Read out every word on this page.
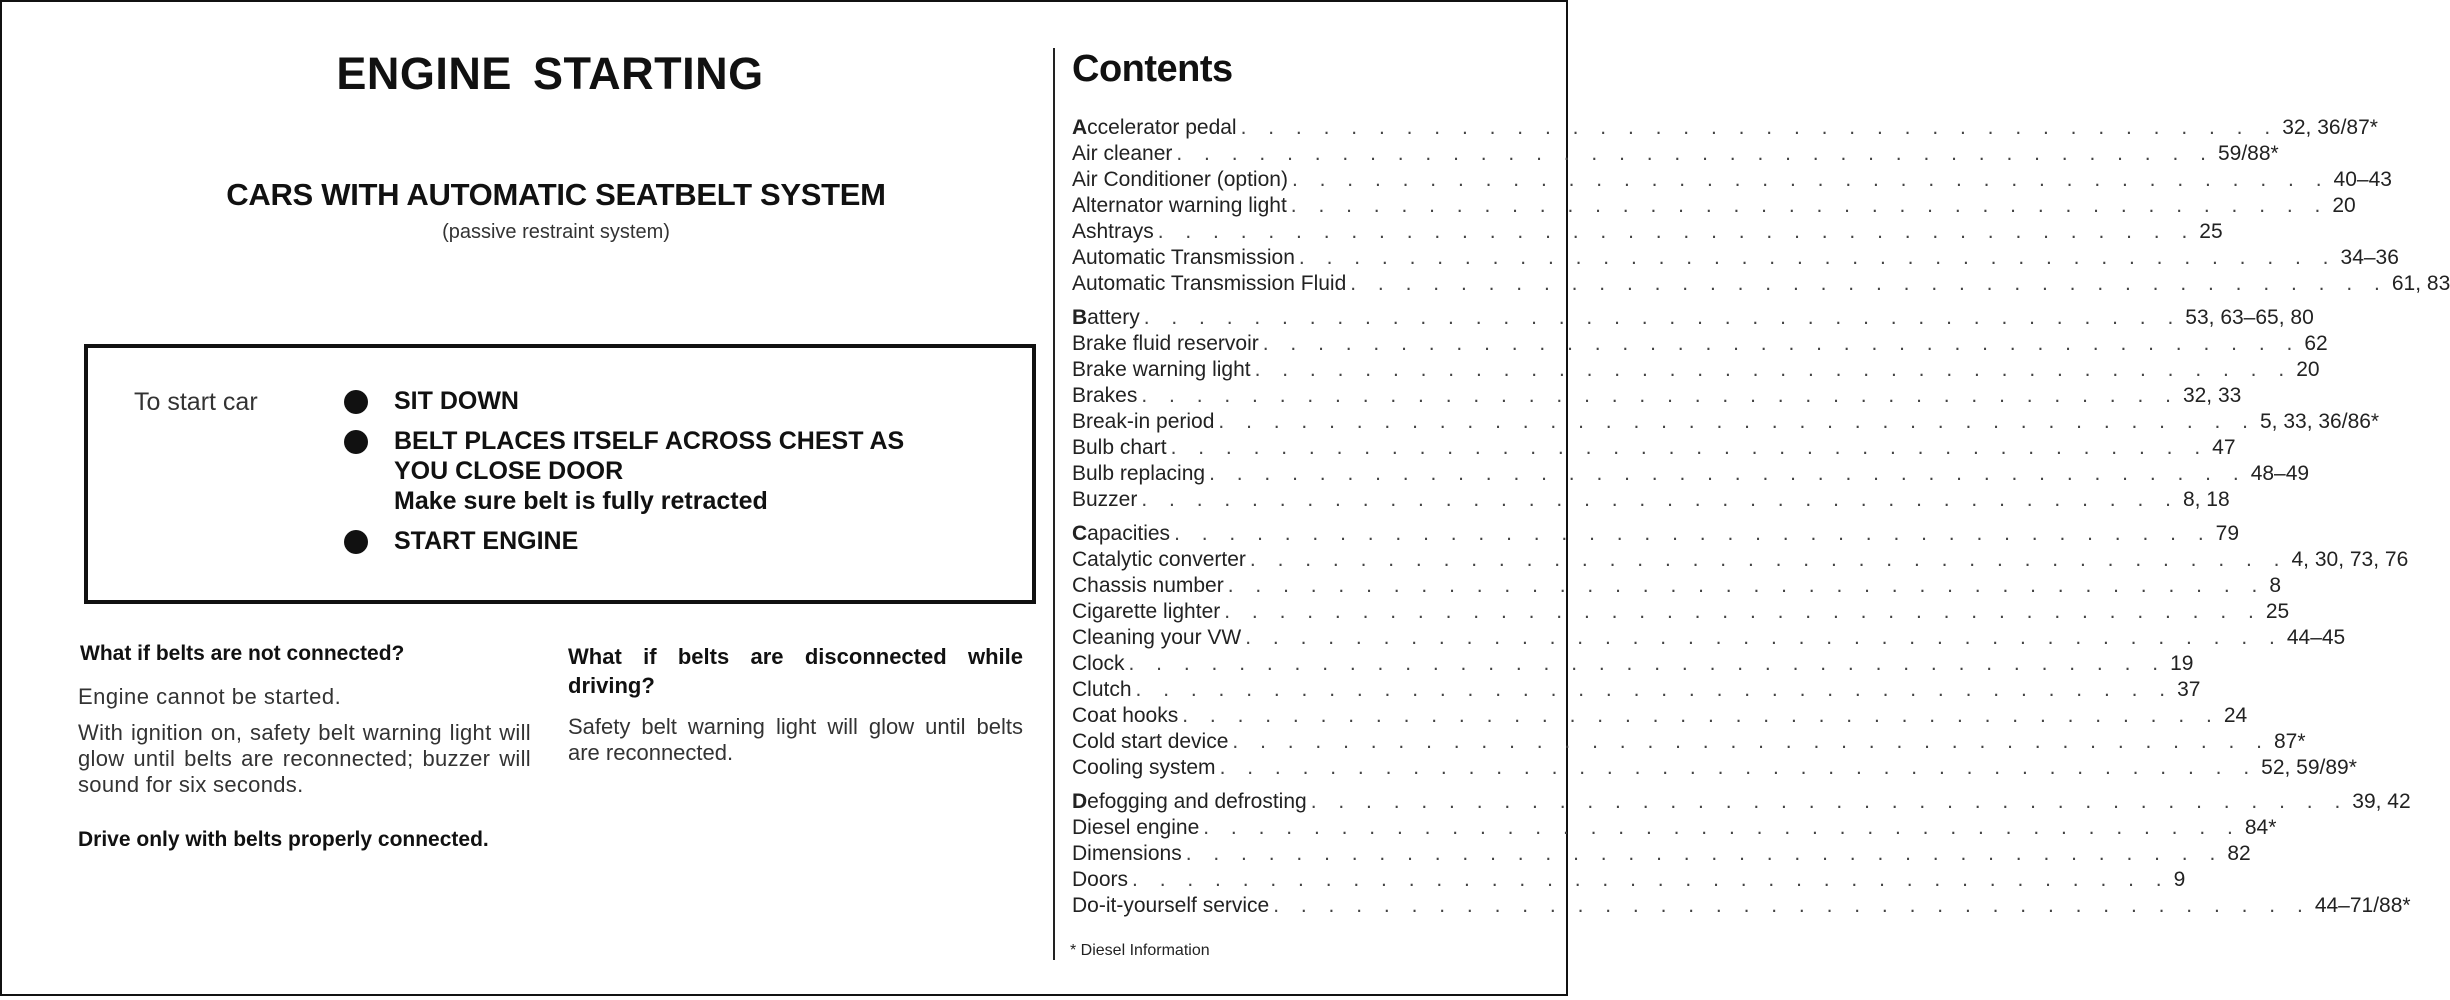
ENGINE STARTING
CARS WITH AUTOMATIC SEATBELT SYSTEM
(passive restraint system)
To start car	SIT DOWN
BELT PLACES ITSELF ACROSS CHEST AS
YOU CLOSE DOOR
Make sure belt is fully retracted
START ENGINE
What if belts are not connected?
Engine cannot be started.
With ignition on, safety belt warning light will glow until belts are reconnected; buzzer will sound for six seconds.
Drive only with belts properly connected.
What if belts are disconnected while driving?
Safety belt warning light will glow until belts are reconnected.
Contents
Accelerator pedal . . . . . . . . . . . . . . . . . . . . . . . . . . . . . . . . . . . . . . 32, 36/87*
Air cleaner . . . . . . . . . . . . . . . . . . . . . . . . . . . . . . . . . . . . . . 59/88*
Air Conditioner (option) . . . . . . . . . . . . . . . . . . . . . . . . . . . . . . . . . . . . . . 40–43
Alternator warning light . . . . . . . . . . . . . . . . . . . . . . . . . . . . . . . . . . . . . . 20
Ashtrays . . . . . . . . . . . . . . . . . . . . . . . . . . . . . . . . . . . . . . 25
Automatic Transmission . . . . . . . . . . . . . . . . . . . . . . . . . . . . . . . . . . . . . . 34–36
Automatic Transmission Fluid . . . . . . . . . . . . . . . . . . . . . . . . . . . . . . . . . . . . . . 61, 83
Battery . . . . . . . . . . . . . . . . . . . . . . . . . . . . . . . . . . . . . . 53, 63–65, 80
Brake fluid reservoir . . . . . . . . . . . . . . . . . . . . . . . . . . . . . . . . . . . . . . 62
Brake warning light . . . . . . . . . . . . . . . . . . . . . . . . . . . . . . . . . . . . . . 20
Brakes . . . . . . . . . . . . . . . . . . . . . . . . . . . . . . . . . . . . . . 32, 33
Break-in period . . . . . . . . . . . . . . . . . . . . . . . . . . . . . . . . . . . . . . 5, 33, 36/86*
Bulb chart . . . . . . . . . . . . . . . . . . . . . . . . . . . . . . . . . . . . . . 47
Bulb replacing . . . . . . . . . . . . . . . . . . . . . . . . . . . . . . . . . . . . . . 48–49
Buzzer . . . . . . . . . . . . . . . . . . . . . . . . . . . . . . . . . . . . . . 8, 18
Capacities . . . . . . . . . . . . . . . . . . . . . . . . . . . . . . . . . . . . . . 79
Catalytic converter . . . . . . . . . . . . . . . . . . . . . . . . . . . . . . . . . . . . . . 4, 30, 73, 76
Chassis number . . . . . . . . . . . . . . . . . . . . . . . . . . . . . . . . . . . . . . 8
Cigarette lighter . . . . . . . . . . . . . . . . . . . . . . . . . . . . . . . . . . . . . . 25
Cleaning your VW . . . . . . . . . . . . . . . . . . . . . . . . . . . . . . . . . . . . . . 44–45
Clock . . . . . . . . . . . . . . . . . . . . . . . . . . . . . . . . . . . . . . 19
Clutch . . . . . . . . . . . . . . . . . . . . . . . . . . . . . . . . . . . . . . 37
Coat hooks . . . . . . . . . . . . . . . . . . . . . . . . . . . . . . . . . . . . . . 24
Cold start device . . . . . . . . . . . . . . . . . . . . . . . . . . . . . . . . . . . . . . 87*
Cooling system . . . . . . . . . . . . . . . . . . . . . . . . . . . . . . . . . . . . . . 52, 59/89*
Defogging and defrosting . . . . . . . . . . . . . . . . . . . . . . . . . . . . . . . . . . . . . . 39, 42
Diesel engine . . . . . . . . . . . . . . . . . . . . . . . . . . . . . . . . . . . . . . 84*
Dimensions . . . . . . . . . . . . . . . . . . . . . . . . . . . . . . . . . . . . . . 82
Doors . . . . . . . . . . . . . . . . . . . . . . . . . . . . . . . . . . . . . . 9
Do-it-yourself service . . . . . . . . . . . . . . . . . . . . . . . . . . . . . . . . . . . . . . 44–71/88*
* Diesel Information
